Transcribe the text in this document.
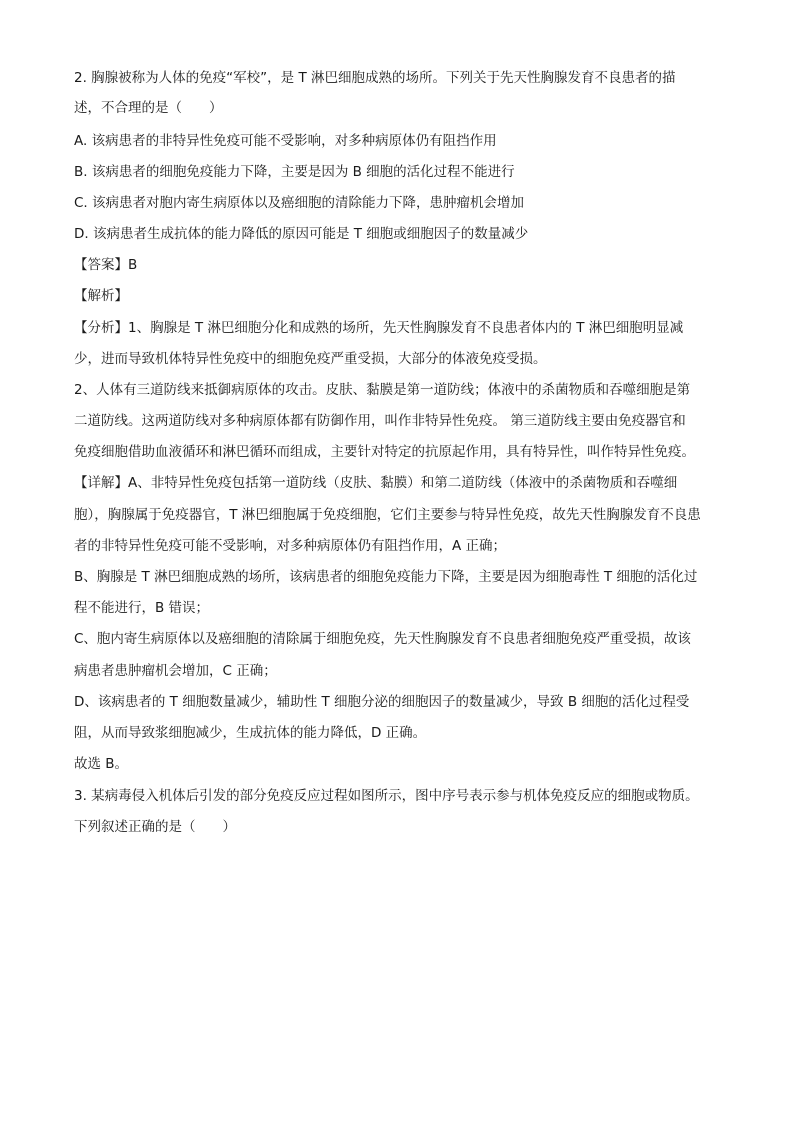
2. 胸腺被称为人体的免疫“军校”，是 T 淋巴细胞成熟的场所。下列关于先天性胸腺发育不良患者的描
述，不合理的是（　　）
A. 该病患者的非特异性免疫可能不受影响，对多种病原体仍有阻挡作用
B. 该病患者的细胞免疫能力下降，主要是因为 B 细胞的活化过程不能进行
C. 该病患者对胞内寄生病原体以及癌细胞的清除能力下降，患肿瘤机会增加
D. 该病患者生成抗体的能力降低的原因可能是 T 细胞或细胞因子的数量减少
【答案】B
【解析】
【分析】1、胸腺是 T 淋巴细胞分化和成熟的场所，先天性胸腺发育不良患者体内的 T 淋巴细胞明显减
少，进而导致机体特异性免疫中的细胞免疫严重受损，大部分的体液免疫受损。
2、人体有三道防线来抵御病原体的攻击。皮肤、黏膜是第一道防线；体液中的杀菌物质和吞噬细胞是第
二道防线。这两道防线对多种病原体都有防御作用，叫作非特异性免疫。 第三道防线主要由免疫器官和
免疫细胞借助血液循环和淋巴循环而组成，主要针对特定的抗原起作用，具有特异性，叫作特异性免疫。
【详解】A、非特异性免疫包括第一道防线（皮肤、黏膜）和第二道防线（体液中的杀菌物质和吞噬细
胞），胸腺属于免疫器官，T 淋巴细胞属于免疫细胞，它们主要参与特异性免疫，故先天性胸腺发育不良患
者的非特异性免疫可能不受影响，对多种病原体仍有阻挡作用，A 正确；
B、胸腺是 T 淋巴细胞成熟的场所，该病患者的细胞免疫能力下降，主要是因为细胞毒性 T 细胞的活化过
程不能进行，B 错误；
C、胞内寄生病原体以及癌细胞的清除属于细胞免疫，先天性胸腺发育不良患者细胞免疫严重受损，故该
病患者患肿瘤机会增加，C 正确；
D、该病患者的 T 细胞数量减少，辅助性 T 细胞分泌的细胞因子的数量减少，导致 B 细胞的活化过程受
阻，从而导致浆细胞减少，生成抗体的能力降低，D 正确。
故选 B。
3. 某病毒侵入机体后引发的部分免疫反应过程如图所示，图中序号表示参与机体免疫反应的细胞或物质。
下列叙述正确的是（　　）
